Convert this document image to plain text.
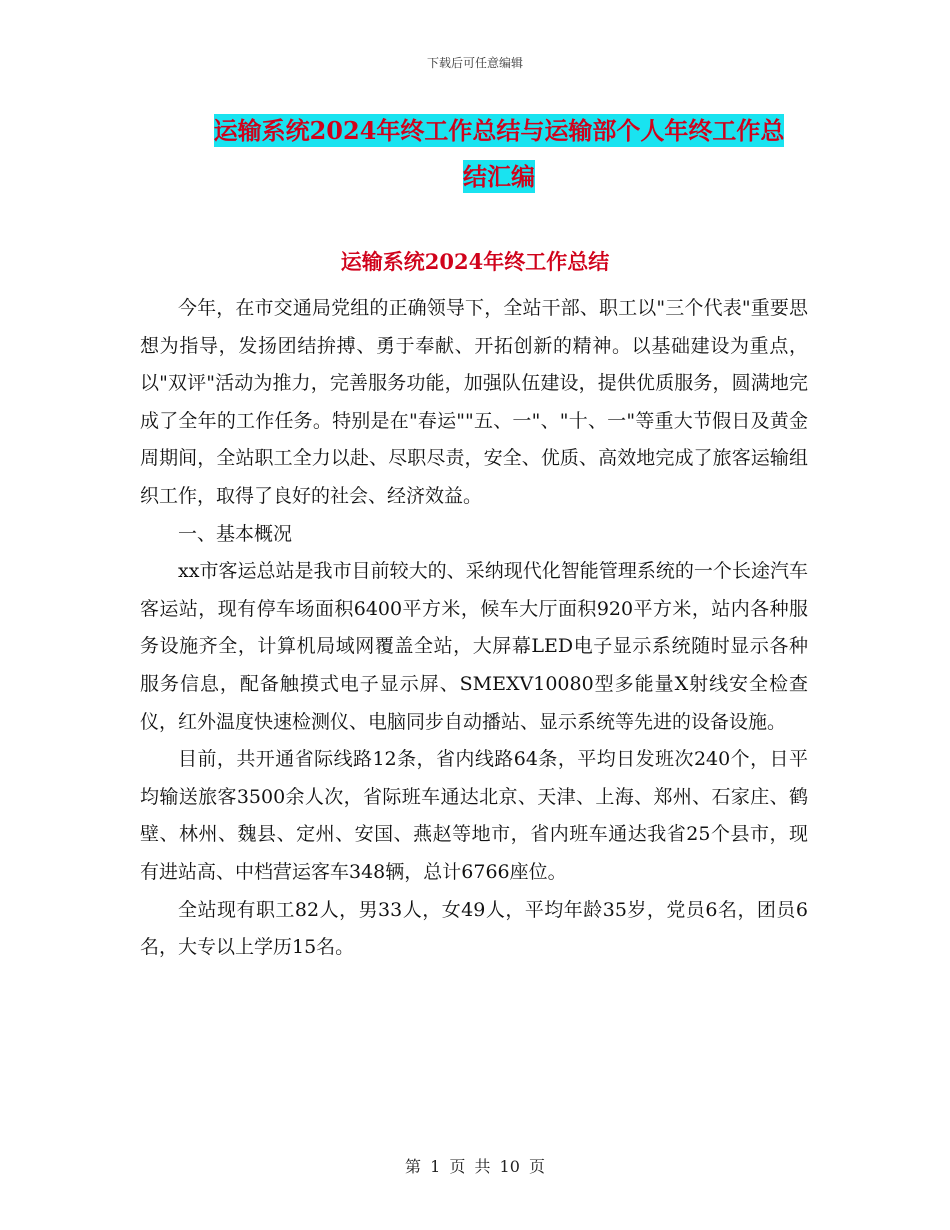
下载后可任意编辑
运输系统2024年终工作总结与运输部个人年终工作总
结汇编
运输系统2024年终工作总结

今年，在市交通局党组的正确领导下，全站干部、职工以"三个代表"重要思想为指导，发扬团结拚搏、勇于奉献、开拓创新的精神。以基础建设为重点，以"双评"活动为推力，完善服务功能，加强队伍建设，提供优质服务，圆满地完成了全年的工作任务。特别是在"春运""五、一"、"十、一"等重大节假日及黄金周期间，全站职工全力以赴、尽职尽责，安全、优质、高效地完成了旅客运输组织工作，取得了良好的社会、经济效益。

一、基本概况

xx市客运总站是我市目前较大的、采纳现代化智能管理系统的一个长途汽车客运站，现有停车场面积6400平方米，候车大厅面积920平方米，站内各种服务设施齐全，计算机局域网覆盖全站，大屏幕LED电子显示系统随时显示各种服务信息，配备触摸式电子显示屏、SMEXV10080型多能量X射线安全检查仪，红外温度快速检测仪、电脑同步自动播站、显示系统等先进的设备设施。

目前，共开通省际线路12条，省内线路64条，平均日发班次240个，日平均输送旅客3500余人次，省际班车通达北京、天津、上海、郑州、石家庄、鹤壁、林州、魏县、定州、安国、燕赵等地市，省内班车通达我省25个县市，现有进站高、中档营运客车348辆，总计6766座位。

全站现有职工82人，男33人，女49人，平均年龄35岁，党员6名，团员6名，大专以上学历15名。

第 1 页 共 10 页
